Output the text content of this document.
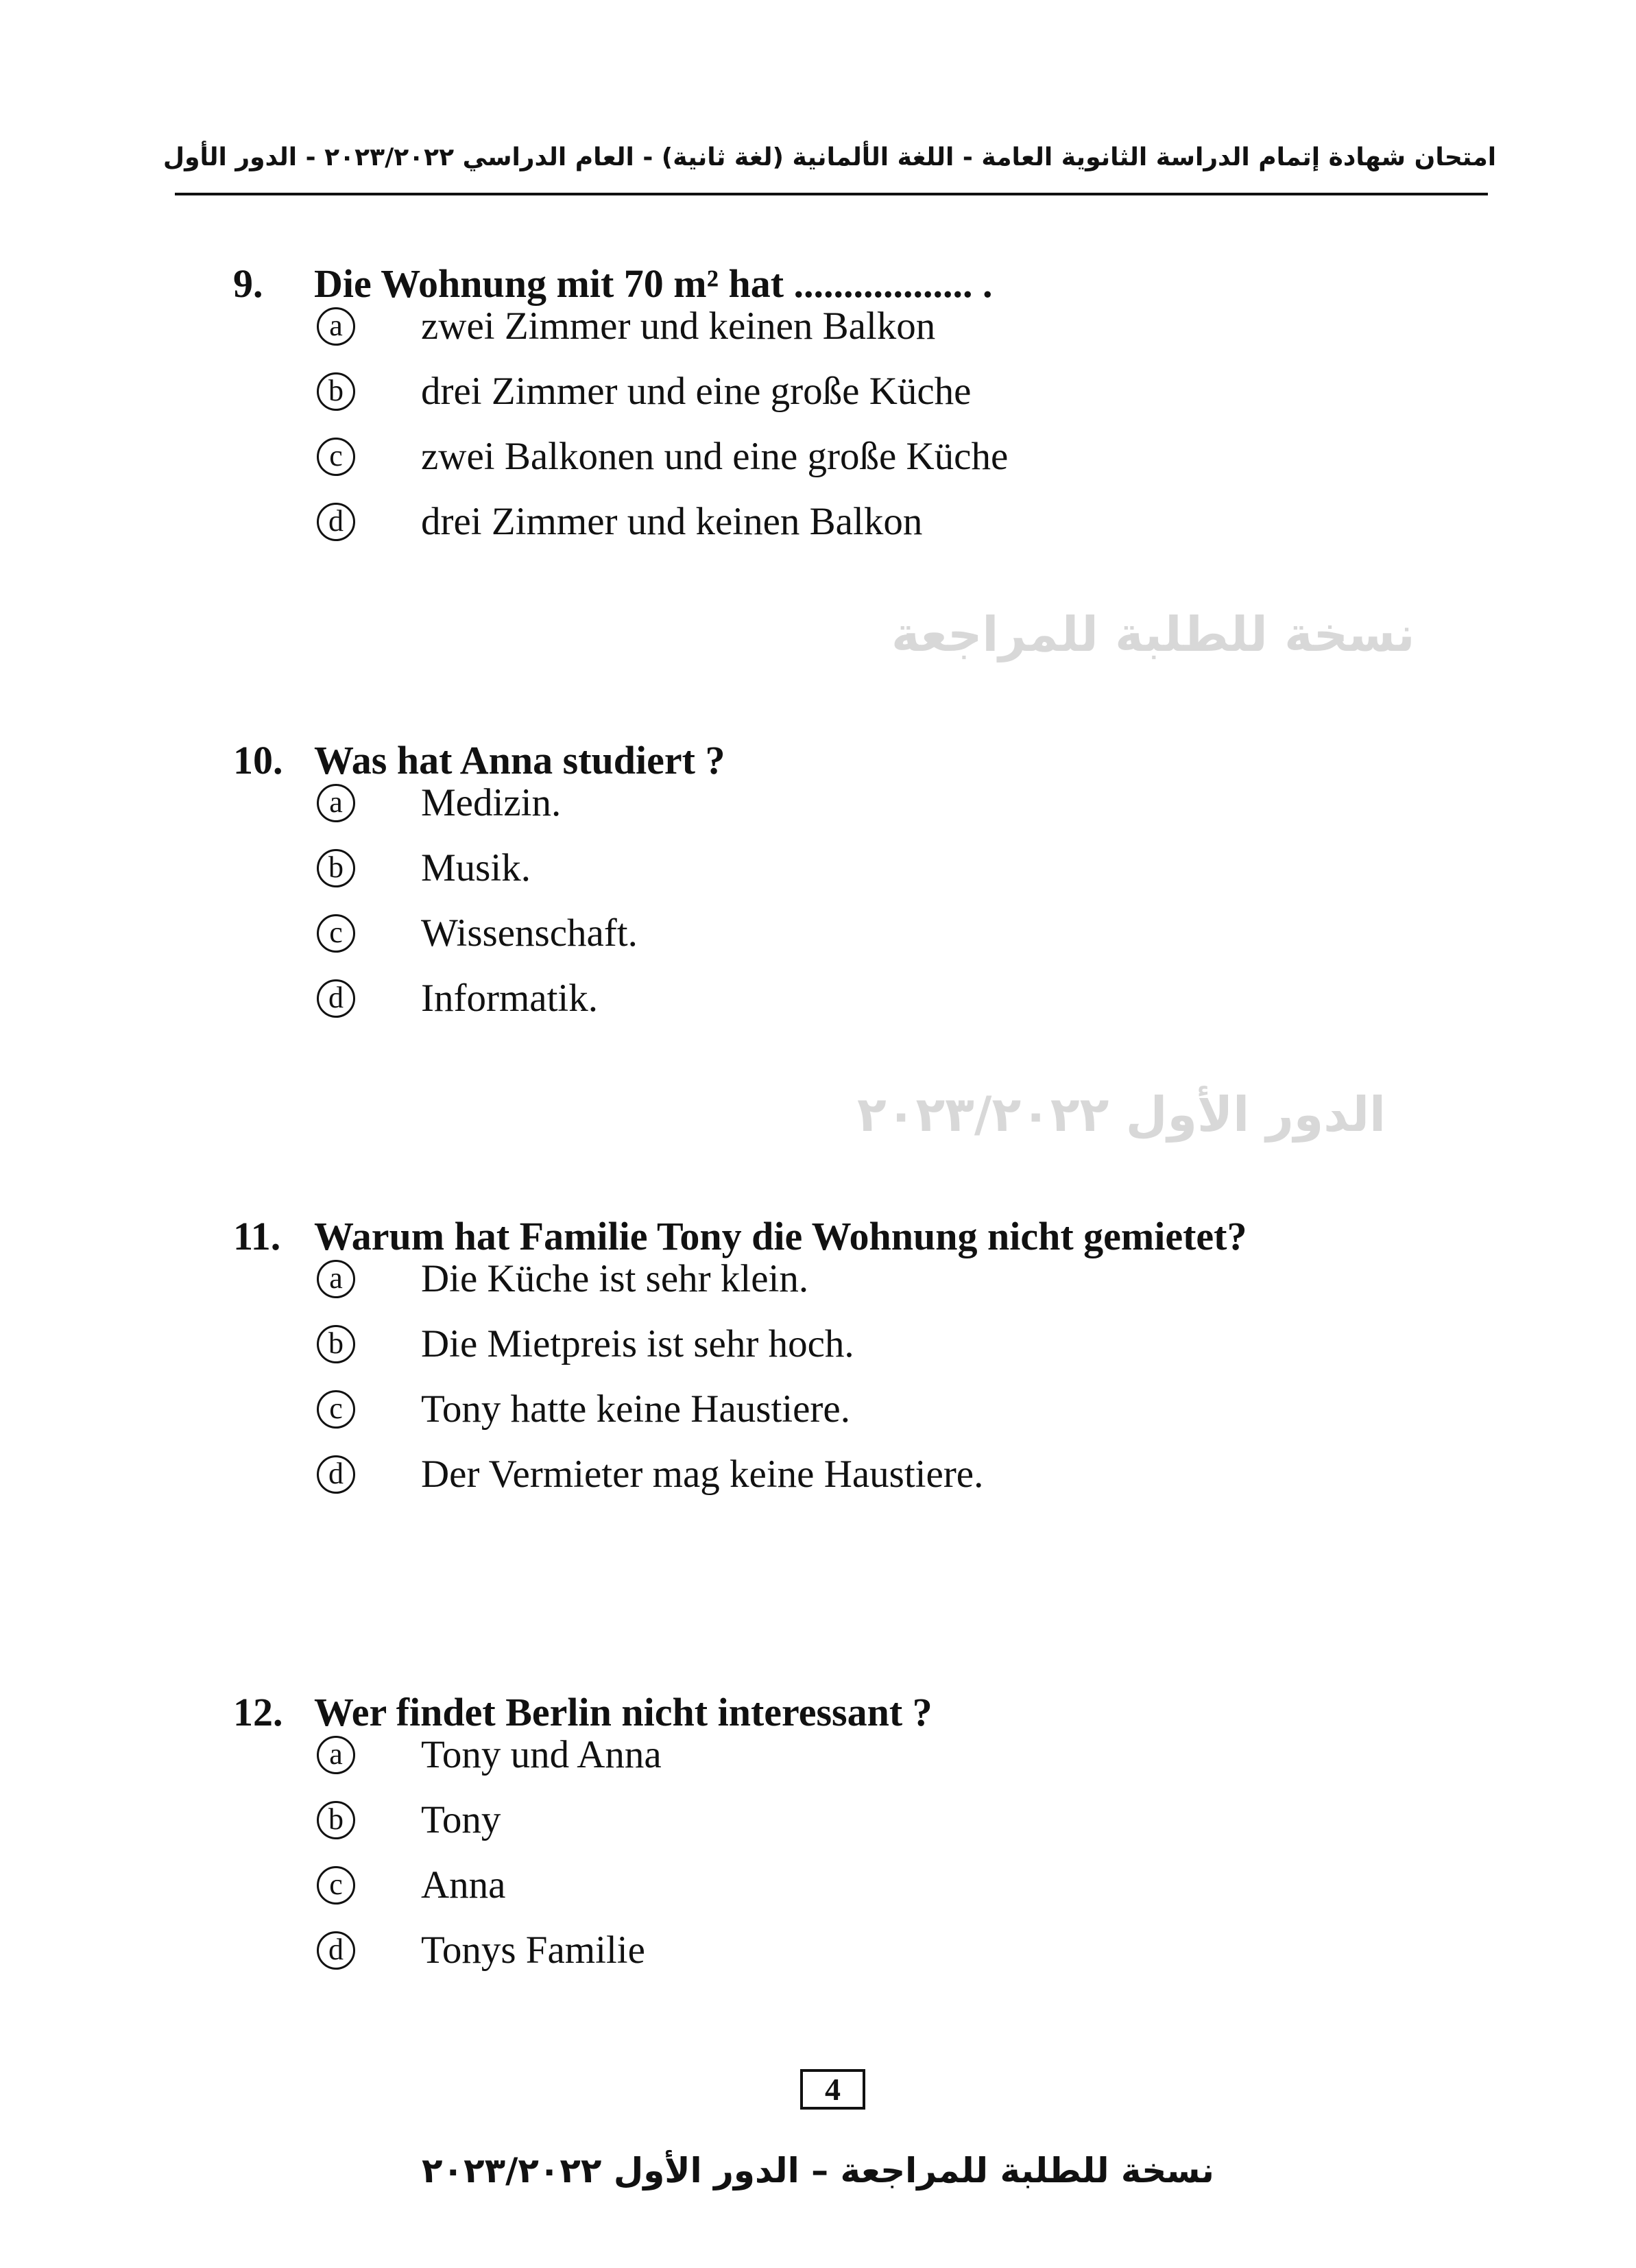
نسخة للطلبة للمراجعة
الدور الأول ٢٠٢٣/٢٠٢٢
امتحان شهادة إتمام الدراسة الثانوية العامة - اللغة الألمانية (لغة ثانية) - العام الدراسي ٢٠٢٣/٢٠٢٢ - الدور الأول
9. Die Wohnung mit 70 m² hat .................. .
a	zwei Zimmer und keinen Balkon
b drei Zimmer und eine große Küche
c	zwei Balkonen und eine große Küche
d drei Zimmer und keinen Balkon
10. Was hat Anna studiert ?
a	Medizin.
b Musik.
c	Wissenschaft.
d Informatik.
11. Warum hat Familie Tony die Wohnung nicht gemietet?
a	Die Küche ist sehr klein.
b Die Mietpreis ist sehr hoch.
c	Tony hatte keine Haustiere.
d Der Vermieter mag keine Haustiere.
12. Wer findet Berlin nicht interessant ?
a	Tony und Anna
b Tony
c	Anna
d Tonys Familie
4
نسخة للطلبة للمراجعة – الدور الأول ٢٠٢٣/٢٠٢٢
